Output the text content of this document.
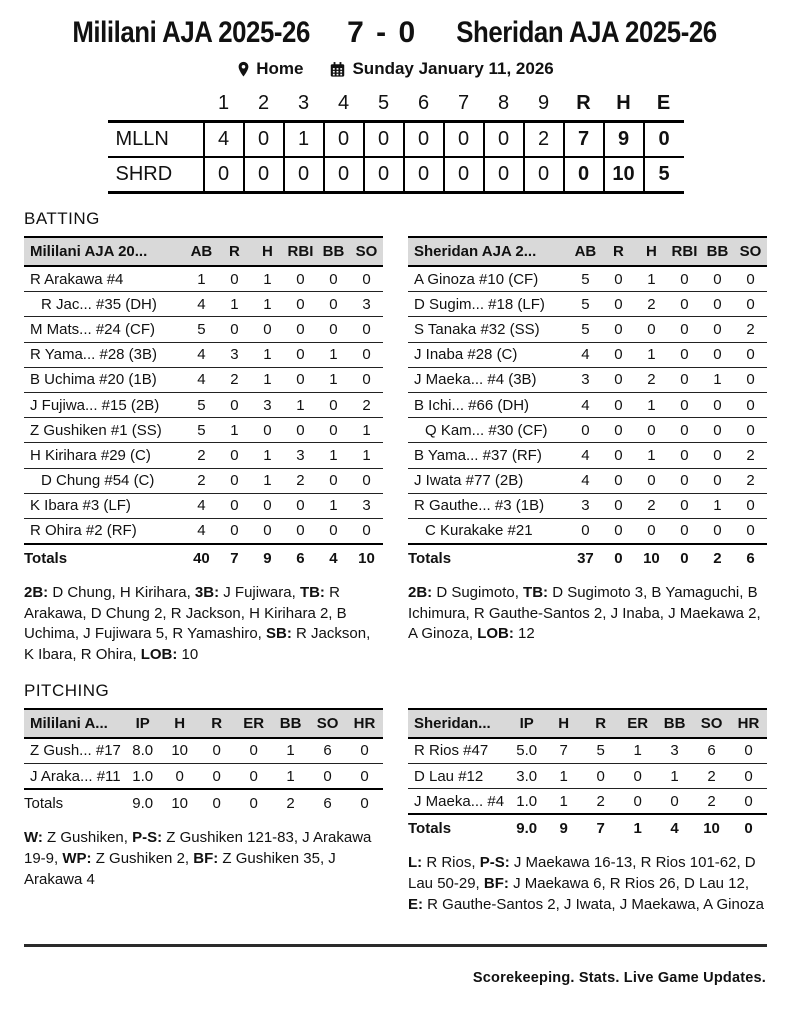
Mililani AJA 2025-26 7 - 0 Sheridan AJA 2025-26
Home	Sunday January 11, 2026
	1	2	3	4	5	6	7	8	9	R	H	E
MLLN	4	0	1	0	0	0	0	0	2	7	9	0
SHRD	0	0	0	0	0	0	0	0	0	0	10	5
BATTING
Mililani AJA 20...	AB	R	H	RBI	BB	SO
R Arakawa #4	1	0	1	0	0	0
R Jac... #35 (DH)	4	1	1	0	0	3
M Mats... #24 (CF)	5	0	0	0	0	0
R Yama... #28 (3B)	4	3	1	0	1	0
B Uchima #20 (1B)	4	2	1	0	1	0
J Fujiwa... #15 (2B)	5	0	3	1	0	2
Z Gushiken #1 (SS)	5	1	0	0	0	1
H Kirihara #29 (C)	2	0	1	3	1	1
D Chung #54 (C)	2	0	1	2	0	0
K Ibara #3 (LF)	4	0	0	0	1	3
R Ohira #2 (RF)	4	0	0	0	0	0
Totals	40	7	9	6	4	10
2B: D Chung, H Kirihara, 3B: J Fujiwara, TB: R Arakawa, D Chung 2, R Jackson, H Kirihara 2, B Uchima, J Fujiwara 5, R Yamashiro, SB: R Jackson, K Ibara, R Ohira, LOB: 10
Sheridan AJA 2...	AB	R	H	RBI	BB	SO
A Ginoza #10 (CF)	5	0	1	0	0	0
D Sugim... #18 (LF)	5	0	2	0	0	0
S Tanaka #32 (SS)	5	0	0	0	0	2
J Inaba #28 (C)	4	0	1	0	0	0
J Maeka... #4 (3B)	3	0	2	0	1	0
B Ichi... #66 (DH)	4	0	1	0	0	0
Q Kam... #30 (CF)	0	0	0	0	0	0
B Yama... #37 (RF)	4	0	1	0	0	2
J Iwata #77 (2B)	4	0	0	0	0	2
R Gauthe... #3 (1B)	3	0	2	0	1	0
C Kurakake #21	0	0	0	0	0	0
Totals	37	0	10	0	2	6
2B: D Sugimoto, TB: D Sugimoto 3, B Yamaguchi, B Ichimura, R Gauthe-Santos 2, J Inaba, J Maekawa 2, A Ginoza, LOB: 12
PITCHING
Mililani A...	IP	H	R	ER	BB	SO	HR
Z Gush... #17	8.0	10	0	0	1	6	0
J Araka... #11	1.0	0	0	0	1	0	0
Totals	9.0	10	0	0	2	6	0
W: Z Gushiken, P-S: Z Gushiken 121-83, J Arakawa 19-9, WP: Z Gushiken 2, BF: Z Gushiken 35, J Arakawa 4
Sheridan...	IP	H	R	ER	BB	SO	HR
R Rios #47	5.0	7	5	1	3	6	0
D Lau #12	3.0	1	0	0	1	2	0
J Maeka... #4	1.0	1	2	0	0	2	0
Totals	9.0	9	7	1	4	10	0
L: R Rios, P-S: J Maekawa 16-13, R Rios 101-62, D Lau 50-29, BF: J Maekawa 6, R Rios 26, D Lau 12, E: R Gauthe-Santos 2, J Iwata, J Maekawa, A Ginoza
Scorekeeping. Stats. Live Game Updates.
